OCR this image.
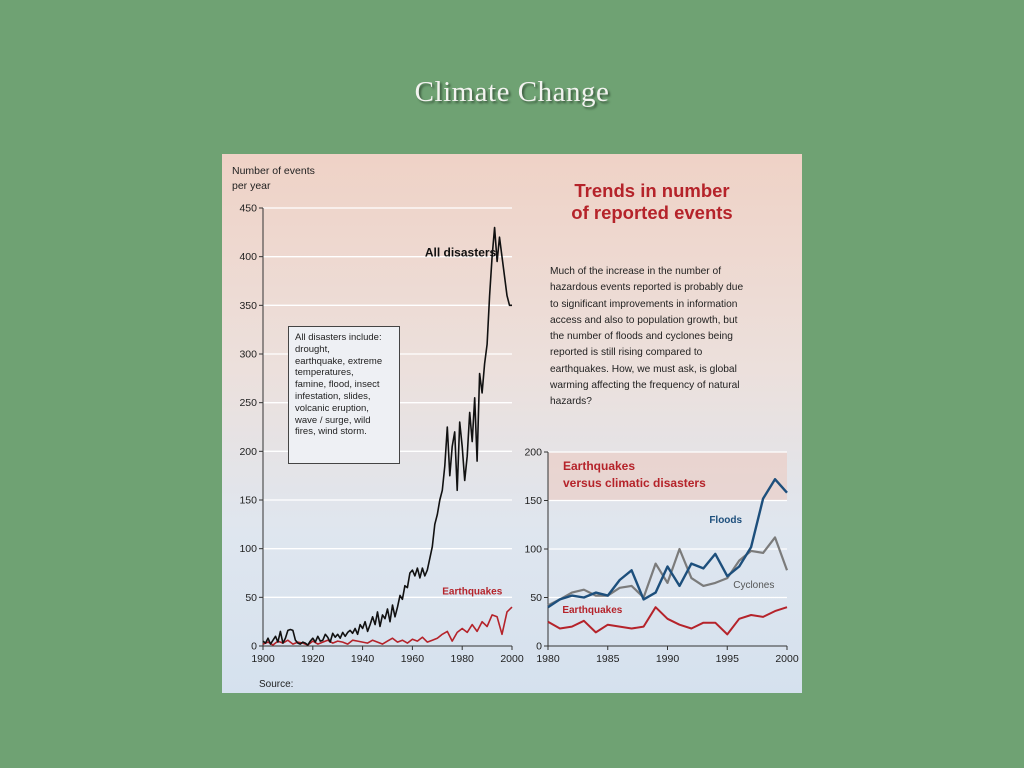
Climate Change
0
50
100
150
200
250
300
350
400
450
1900	1920	1940	1960	1980	2000
All disasters
Earthquakes
0
50
100
150
200
1980	1985	1990	1995	2000
Earthquakes
versus climatic disasters
Floods
Cyclones
Earthquakes
Number of events
per year	Trends in number
of reported events
Much of the increase in the number of
hazardous events reported is probably due
to significant improvements in information
access and also to population growth, but
the number of floods and cyclones being
reported is still rising compared to
earthquakes. How, we must ask, is global
warming affecting the frequency of natural
hazards?
All disasters include:
drought,
earthquake, extreme
temperatures,
famine, flood, insect
infestation, slides,
volcanic eruption,
wave / surge, wild
fires, wind storm.
Source:
